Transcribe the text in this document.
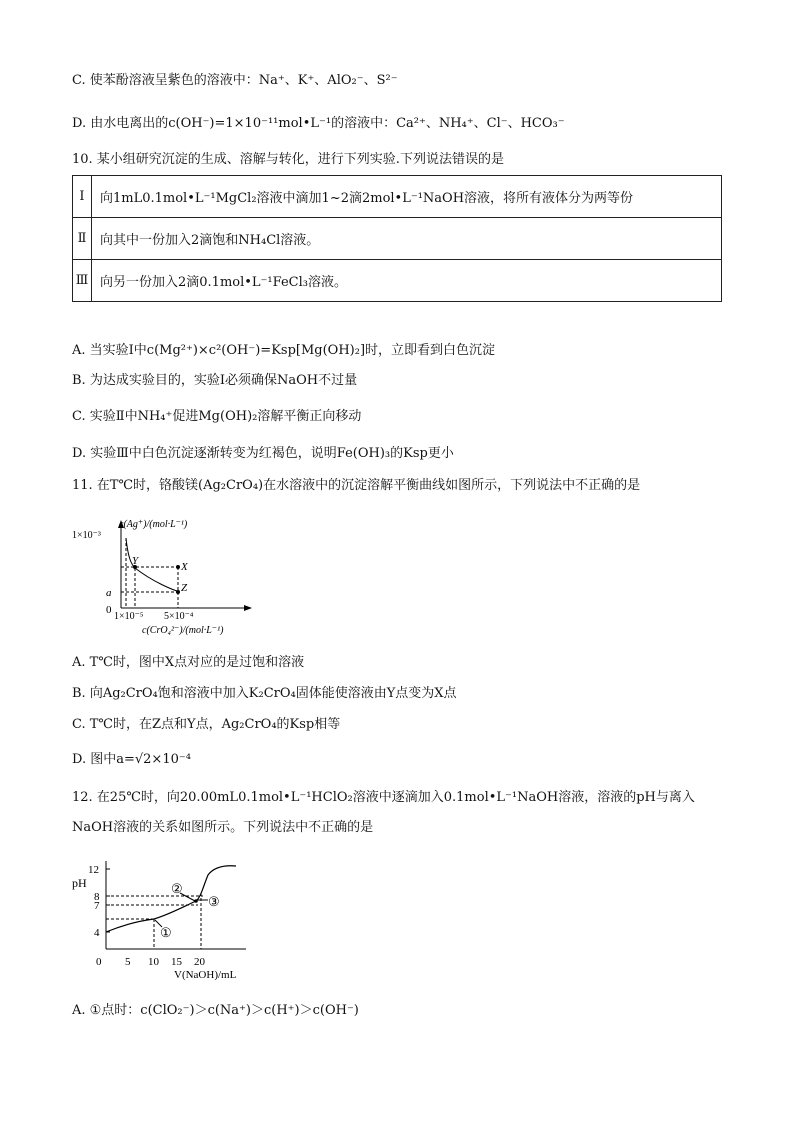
C. 使苯酚溶液呈紫色的溶液中：Na⁺、K⁺、AlO₂⁻、S²⁻
D. 由水电离出的c(OH⁻)=1×10⁻¹¹mol•L⁻¹的溶液中：Ca²⁺、NH₄⁺、Cl⁻、HCO₃⁻
10. 某小组研究沉淀的生成、溶解与转化，进行下列实验.下列说法错误的是
Ⅰ	向1mL0.1mol•L⁻¹MgCl₂溶液中滴加1~2滴2mol•L⁻¹NaOH溶液，将所有液体分为两等份
Ⅱ	向其中一份加入2滴饱和NH₄Cl溶液。
Ⅲ	向另一份加入2滴0.1mol•L⁻¹FeCl₃溶液。
A. 当实验Ⅰ中c(Mg²⁺)×c²(OH⁻)=Ksp[Mg(OH)₂]时，立即看到白色沉淀
B. 为达成实验目的，实验Ⅰ必须确保NaOH不过量
C. 实验Ⅱ中NH₄⁺促进Mg(OH)₂溶解平衡正向移动
D. 实验Ⅲ中白色沉淀逐渐转变为红褐色，说明Fe(OH)₃的Ksp更小
11. 在T℃时，铬酸镁(Ag₂CrO₄)在水溶液中的沉淀溶解平衡曲线如图所示，下列说法中不正确的是
c(Ag⁺)/(mol·L⁻¹)
1×10⁻³
a
0
1×10⁻⁵ 5×10⁻⁴
c(CrO₄²⁻)/(mol·L⁻¹)
Y	X
Z
A. T℃时，图中X点对应的是过饱和溶液
B. 向Ag₂CrO₄饱和溶液中加入K₂CrO₄固体能使溶液由Y点变为X点
C. T℃时，在Z点和Y点，Ag₂CrO₄的Ksp相等
D. 图中a=√2×10⁻⁴
12. 在25℃时，向20.00mL0.1mol•L⁻¹HClO₂溶液中逐滴加入0.1mol•L⁻¹NaOH溶液，溶液的pH与离入
NaOH溶液的关系如图所示。下列说法中不正确的是
12
pH
8
7
4
0 5 10 15 20
V(NaOH)/mL
①
②
③
A. ①点时：c(ClO₂⁻)＞c(Na⁺)＞c(H⁺)＞c(OH⁻)
